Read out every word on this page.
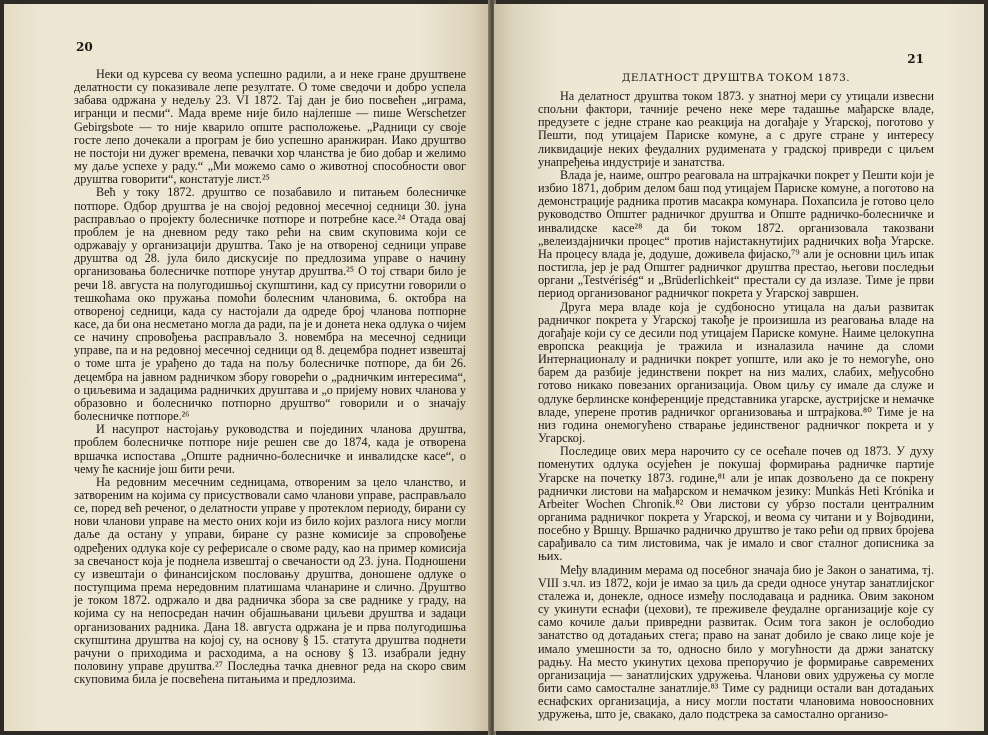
20

Неки од курсева су веома успешно радили, а и неке гране друштвене делатности су показивале лепе резултате. О томе сведочи и добро успела забава одржана у недељу 23. VI 1872. Тај дан је био посвећен „играма, игранци и песми“. Мада време није било најлепше — пише Werschetzer Gebirgsbote — то није кварило опште расположење. „Радници су своје госте лепо дочекали а програм је био успешно аранжиран. Иако друштво не постоји ни дужег времена, певачки хор чланства је био добар и желимо му даље успехе у раду.“ „Ми можемо само о животној способности овог друштва говорити“, констатује лист.²⁵

Већ у току 1872. друштво се позабавило и питањем болесничке потпоре. Одбор друштва је на својој редовној месечној седници 30. јуна расправљао о пројекту болесничке потпоре и потребне касе.²⁴ Отада овај проблем је на дневном реду тако рећи на свим скуповима који се одржавају у организацији друштва. Тако је на отвореној седници управе друштва од 28. јула било дискусије по предлозима управе о начину организовања болесничке потпоре унутар друштва.²⁵ О тој ствари било је речи 18. августа на полугодишњој скупштини, кад су присутни говорили о тешкоћама око пружања помоћи болесним члановима, 6. октобра на отвореној седници, када су настојали да одреде број чланова потпорне касе, да би она несметано могла да ради, па је и донета нека одлука о чијем се начину спровођења расправљало 3. новембра на месечној седници управе, па и на редовној месечној седници од 8. децембра поднет извештај о томе шта је урађено до тада на пољу болесничке потпоре, да би 26. децембра на јавном радничком збору говорећи о „радничким интересима“, о циљевима и задацима радничких друштава и „о пријему нових чланова у образовно и болесничко потпорно друштво“ говорили и о значају болесничке потпоре.²⁶

И насупрот настојању руководства и појединих чланова друштва, проблем болесничке потпоре није решен све до 1874, када је отворена вршачка испостава „Опште раднично-болесничке и инвалидске касе“, о чему ће касније још бити речи.

На редовним месечним седницама, отвореним за цело чланство, и затвореним на којима су присуствовали само чланови управе, расправљало се, поред већ реченог, о делатности управе у протеклом периоду, бирани су нови чланови управе на место оних који из било којих разлога нису могли даље да остану у управи, биране су разне комисије за спровођење одређених одлука које су реферисале о своме раду, као на пример комисија за свечаност која је поднела извештај о свечаности од 23. јуна. Подношени су извештаји о финансијском пословању друштва, доношене одлуке о поступцима према нередовним платишама чланарине и слично. Друштво је током 1872. одржало и два радничка збора за све раднике у граду, на којима су на непосредан начин објашњавани циљеви друштва и задаци организованих радника. Дана 18. августа одржана је и прва полугодишња скупштина друштва на којој су, на основу § 15. статута друштва поднети рачуни о приходима и расходима, а на основу § 13. изабрали једну половину управе друштва.²⁷ Последња тачка дневног реда на скоро свим скуповима била је посвећена питањима и предлозима.

21
ДЕЛАТНОСТ ДРУШТВА ТОКОМ 1873.

На делатност друштва током 1873. у знатној мери су утицали извесни спољни фактори, тачније речено неке мере тадашње мађарске владе, предузете с једне стране као реакција на догађаје у Угарској, поготово у Пешти, под утицајем Париске комуне, а с друге стране у интересу ликвидације неких феудалних рудимената у градској привреди с циљем унапређења индустрије и занатства.

Влада је, наиме, оштро реаговала на штрајкачки покрет у Пешти који је избио 1871, добрим делом баш под утицајем Париске комуне, а поготово на демонстрације радника против масакра комунара. Похапсила је готово цело руководство Општег радничког друштва и Опште радничко-болесничке и инвалидске касе²⁸ да би током 1872. организовала такозвани „велеиздајнички процес“ против најистакнутијих радничких вођа Угарске. На процесу влада је, додуше, доживела фијаско,⁷⁹ али је основни циљ ипак постигла, јер је рад Општег радничког друштва престао, његови последњи органи „Testvériség“ и „Brüderlichkeit“ престали су да излазе. Тиме је први период организованог радничког покрета у Угарској завршен.

Друга мера владе која је судбоносно утицала на даљи развитак радничког покрета у Угарској такође је произишла из реаговања владе на догађаје који су се десили под утицајем Париске комуне. Наиме целокупна европска реакција је тражила и изналазила начине да сломи Интернационалу и раднички покрет уопште, или ако је то немогуће, оно барем да разбије јединствени покрет на низ малих, слабих, међусобно готово никако повезаних организација. Овом циљу су имале да служе и одлуке берлинске конференције представника угарске, аустријске и немачке владе, уперене против радничког организовања и штрајкова.⁸⁰ Тиме је на низ година онемогућено стварање јединственог радничког покрета и у Угарској.

Последице ових мера нарочито су се осећале почев од 1873. У духу поменутих одлука осујећен је покушај формирања радничке партије Угарске на почетку 1873. године,⁸¹ али је ипак дозвољено да се покрену раднички листови на мађарском и немачком језику: Munkás Heti Krónika и Arbeiter Wochen Chronik.⁸² Ови листови су убрзо постали централним органима радничког покрета у Угарској, и веома су читани и у Војводини, посебно у Вршцу. Вршачко радничко друштво је тако рећи од првих бројева сарађивало са тим листовима, чак је имало и свог сталног дописника за њих.

Међу владиним мерама од посебног значаја био је Закон о занатима, тј. VIII з.чл. из 1872, који је имао за циљ да среди односе унутар занатлијског сталежа и, донекле, односе између послодаваца и радника. Овим законом су укинути еснафи (цехови), те преживеле феудалне организације које су само кочиле даљи привредни развитак. Осим тога закон је ослободио занатство од дотадањих стега; право на занат добило је свако лице које је имало умешности за то, односно било у могућности да држи занатску радњу. На место укинутих цехова препоручио је формирање савремених организација — занатлијских удружења. Чланови ових удружења су могле бити само самосталне занатлије.⁸³ Тиме су радници остали ван дотадањих еснафских организација, а нису могли постати члановима новоосновних удружења, што је, свакако, дало подстрека за самостално организо-
